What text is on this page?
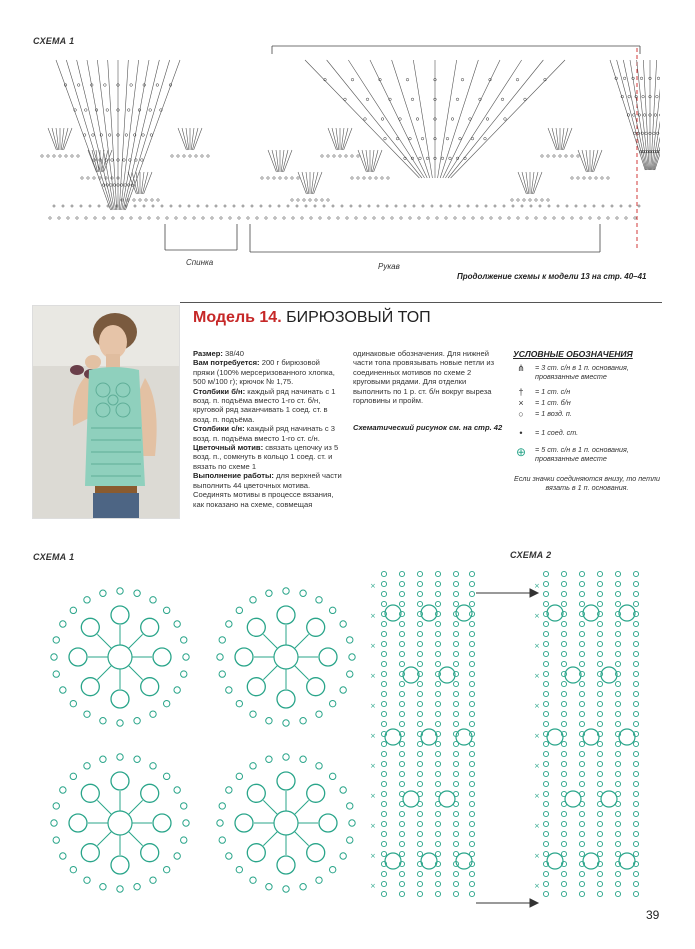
СХЕМА 1
Спинка	Рукав
Продолжение схемы к модели 13 на стр. 40–41
Модель 14. БИРЮЗОВЫЙ ТОП

Размер: 38/40

Вам потребуется: 200 г бирюзовой пряжи (100% мерсеризованного хлопка, 500 м/100 г); крючок № 1,75.

Столбики б/н: каждый ряд начинать с 1 возд. п. подъёма вместо 1-го ст. б/н, круговой ряд заканчивать 1 соед. ст. в возд. п. подъёма.

Столбики с/н: каждый ряд начинать с 3 возд. п. подъёма вместо 1-го ст. с/н.

Цветочный мотив: связать цепочку из 5 возд. п., сомкнуть в кольцо 1 соед. ст. и вязать по схеме 1

Выполнение работы: для верхней части выполнить 44 цветочных мотива. Соединять мотивы в процессе вязания, как показано на схеме, совмещая

одинаковые обозначения. Для нижней части топа провязывать новые петли из соединенных мотивов по схеме 2 круговыми рядами. Для отделки выполнить по 1 р. ст. б/н вокруг выреза горловины и пройм.

Схематический рисунок см. на стр. 42

УСЛОВНЫЕ ОБОЗНАЧЕНИЯ
⋔	= 3 ст. с/н в 1 п. основания, провязанные вместе
†	= 1 ст. с/н
×	= 1 ст. б/н
○	= 1 возд. п.
•	= 1 соед. ст.
⊕	= 5 ст. с/н в 1 п. основания, провязанные вместе
Если значки соединяются внизу, то петли вязать в 1 п. основания.
СХЕМА 1	СХЕМА 2
×
×
×
×
×
×
×
×
×
×
×
×
×
×
×
×
×
×
×
×
×
×
39
